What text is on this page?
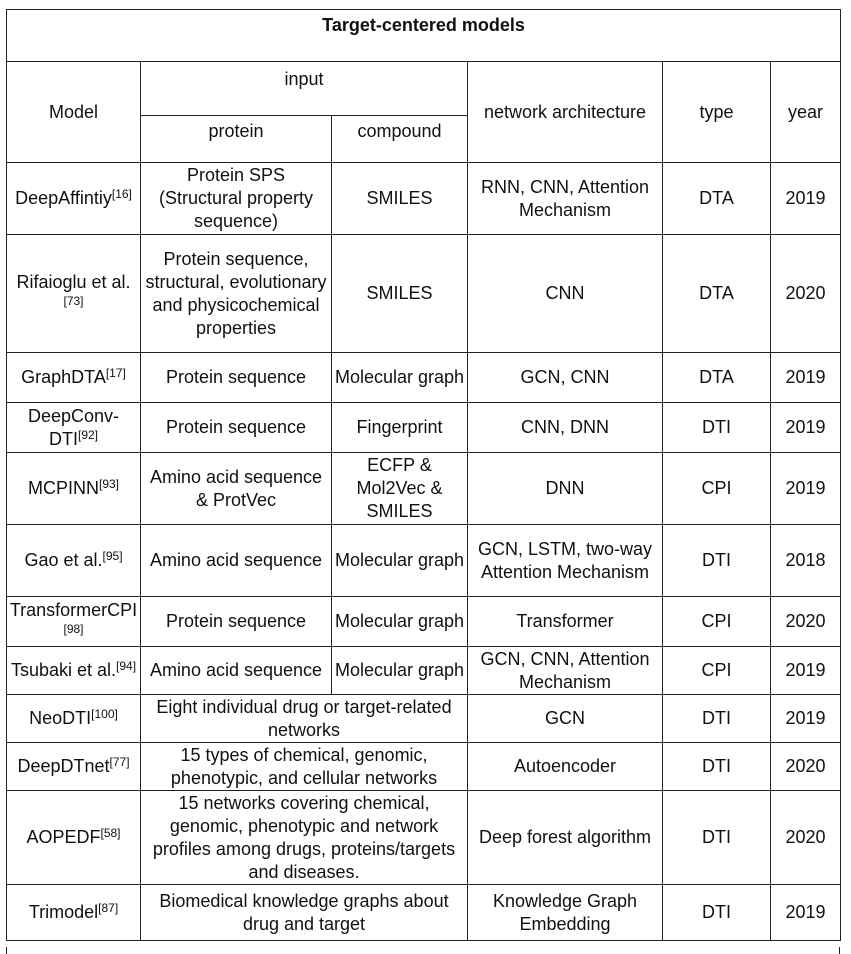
Target-centered models					
Model	input		network architecture	type	year
	protein	compound			
DeepAffintiy[16]	Protein SPS (Structural property sequence)	SMILES	RNN, CNN, Attention Mechanism	DTA	2019
Rifaioglu et al.[73]	Protein sequence, structural, evolutionary and physicochemical properties	SMILES	CNN	DTA	2020
GraphDTA[17]	Protein sequence	Molecular graph	GCN, CNN	DTA	2019
DeepConv-DTI[92]	Protein sequence	Fingerprint	CNN, DNN	DTI	2019
MCPINN[93]	Amino acid sequence & ProtVec	ECFP & Mol2Vec & SMILES	DNN	CPI	2019
Gao et al.[95]	Amino acid sequence	Molecular graph	GCN, LSTM, two-way Attention Mechanism	DTI	2018
TransformerCPI[98]	Protein sequence	Molecular graph	Transformer	CPI	2020
Tsubaki et al.[94]	Amino acid sequence	Molecular graph	GCN, CNN, Attention Mechanism	CPI	2019
NeoDTI[100]	Eight individual drug or target-related networks		GCN	DTI	2019
DeepDTnet[77]	15 types of chemical, genomic, phenotypic, and cellular networks		Autoencoder	DTI	2020
AOPEDF[58]	15 networks covering chemical, genomic, phenotypic and network profiles among drugs, proteins/targets and diseases.		Deep forest algorithm	DTI	2020
Trimodel[87]	Biomedical knowledge graphs about drug and target		Knowledge Graph Embedding	DTI	2019
